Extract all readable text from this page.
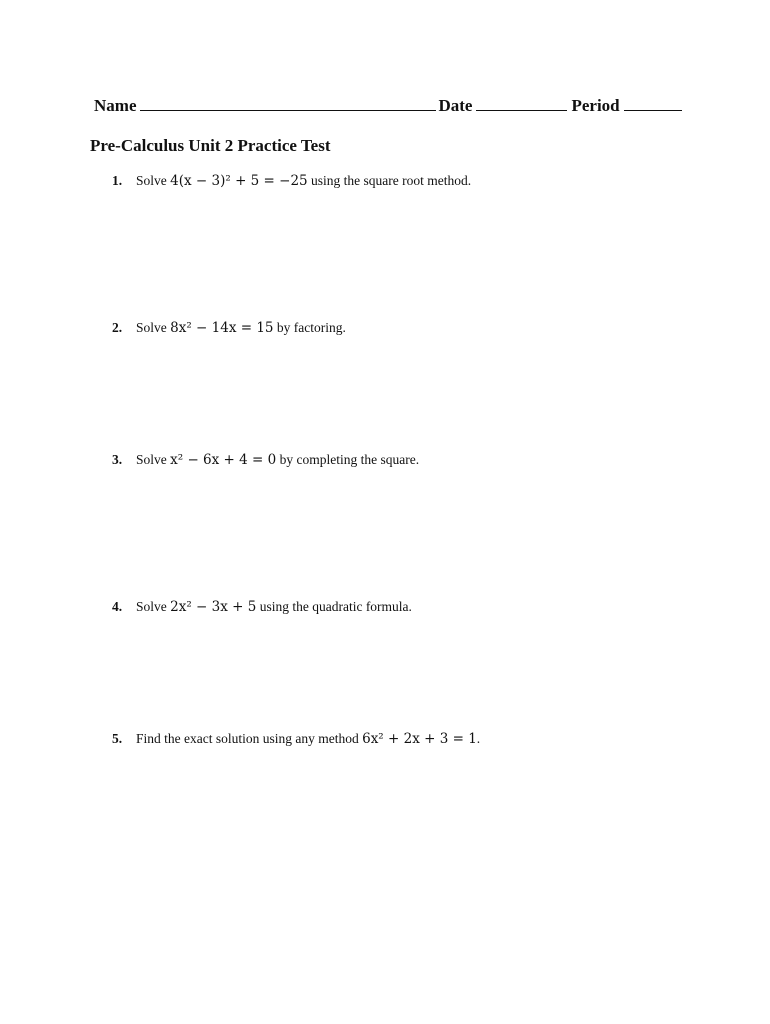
Name	Date	Period
Pre-Calculus Unit 2 Practice Test
1. Solve 4(x − 3)² + 5 = −25 using the square root method.
2. Solve 8x² − 14x = 15 by factoring.
3. Solve x² − 6x + 4 = 0 by completing the square.
4. Solve 2x² − 3x + 5 using the quadratic formula.
5. Find the exact solution using any method 6x² + 2x + 3 = 1.
